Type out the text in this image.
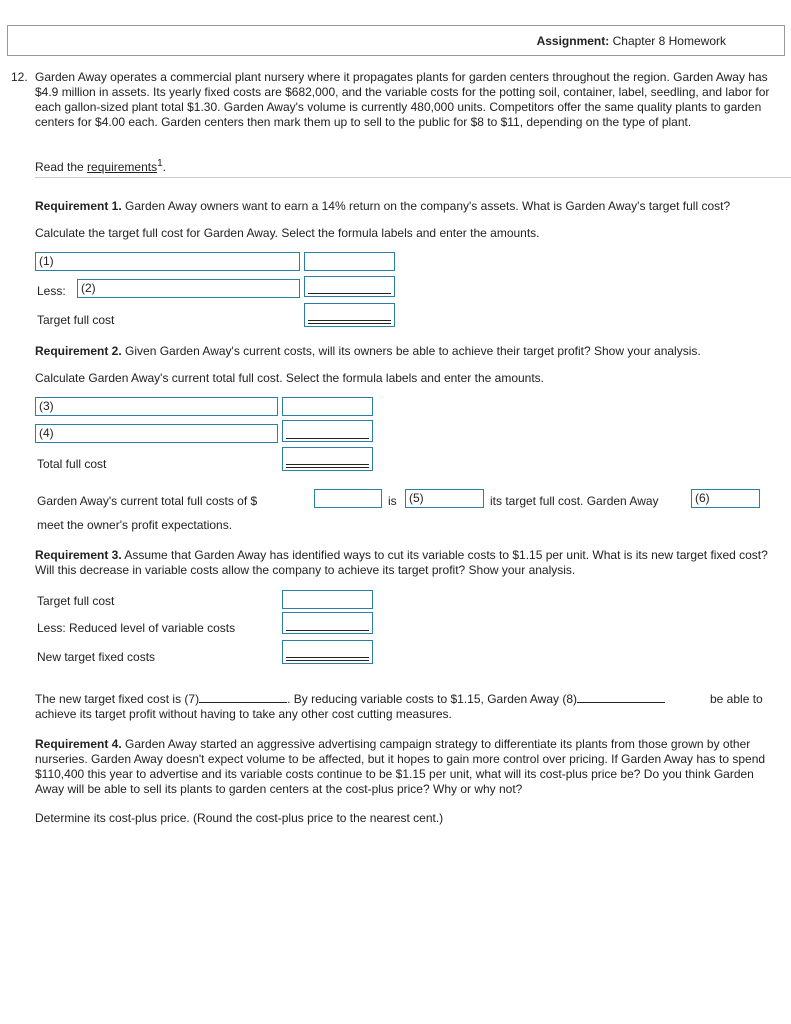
Assignment: Chapter 8 Homework
12. Garden Away operates a commercial plant nursery where it propagates plants for garden centers throughout the region. Garden Away has $4.9 million in assets. Its yearly fixed costs are $682,000, and the variable costs for the potting soil, container, label, seedling, and labor for each gallon-sized plant total $1.30. Garden Away's volume is currently 480,000 units. Competitors offer the same quality plants to garden centers for $4.00 each. Garden centers then mark them up to sell to the public for $8 to $11, depending on the type of plant.
Read the requirements$^1$.
Requirement 1. Garden Away owners want to earn a 14% return on the company's assets. What is Garden Away's target full cost?
Calculate the target full cost for Garden Away. Select the formula labels and enter the amounts.
(1)
Less:	(2)
Target full cost
Requirement 2. Given Garden Away's current costs, will its owners be able to achieve their target profit? Show your analysis.
Calculate Garden Away's current total full cost. Select the formula labels and enter the amounts.
(3)
(4)
Total full cost
Garden Away's current total full costs of $	is	(5)	its target full cost. Garden Away	(6)
meet the owner's profit expectations.
Requirement 3. Assume that Garden Away has identified ways to cut its variable costs to $1.15 per unit. What is its new target fixed cost? Will this decrease in variable costs allow the company to achieve its target profit? Show your analysis.
Target full cost
Less: Reduced level of variable costs
New target fixed costs
The new target fixed cost is (7)	. By reducing variable costs to $1.15, Garden Away (8)	be able to
achieve its target profit without having to take any other cost cutting measures.
Requirement 4. Garden Away started an aggressive advertising campaign strategy to differentiate its plants from those grown by other nurseries. Garden Away doesn't expect volume to be affected, but it hopes to gain more control over pricing. If Garden Away has to spend $110,400 this year to advertise and its variable costs continue to be $1.15 per unit, what will its cost-plus price be? Do you think Garden Away will be able to sell its plants to garden centers at the cost-plus price? Why or why not?
Determine its cost-plus price. (Round the cost-plus price to the nearest cent.)
